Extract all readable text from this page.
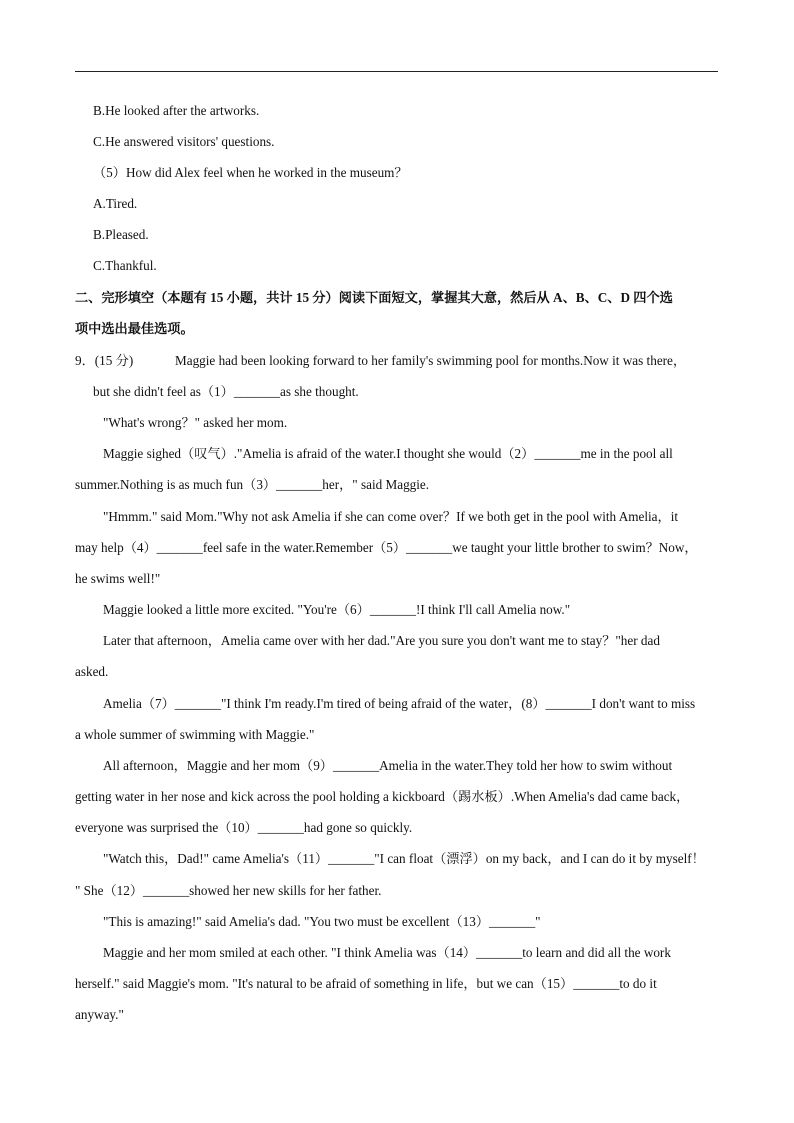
B.He looked after the artworks.
C.He answered visitors' questions.
（5）How did Alex feel when he worked in the museum？
A.Tired.
B.Pleased.
C.Thankful.
二、完形填空（本题有 15 小题，共计 15 分）阅读下面短文，掌握其大意，然后从 A、B、C、D 四个选
项中选出最佳选项。
9．(15 分)	Maggie had been looking forward to her family's swimming pool for months.Now it was there，
but she didn't feel as（1）_______as she thought.
"What's wrong？" asked her mom.
Maggie sighed（叹气）."Amelia is afraid of the water.I thought she would（2）_______me in the pool all
summer.Nothing is as much fun（3）_______her，" said Maggie.
"Hmmm." said Mom."Why not ask Amelia if she can come over？If we both get in the pool with Amelia，it
may help（4）_______feel safe in the water.Remember（5）_______we taught your little brother to swim？Now，
he swims well!"
Maggie looked a little more excited. "You're（6）_______!I think I'll call Amelia now."
Later that afternoon，Amelia came over with her dad."Are you sure you don't want me to stay？"her dad
asked.
Amelia（7）_______"I think I'm ready.I'm tired of being afraid of the water，(8）_______I don't want to miss
a whole summer of swimming with Maggie."
All afternoon，Maggie and her mom（9）_______Amelia in the water.They told her how to swim without
getting water in her nose and kick across the pool holding a kickboard（踢水板）.When Amelia's dad came back，
everyone was surprised the（10）_______had gone so quickly.
"Watch this，Dad!" came Amelia's（11）_______"I can float（漂浮）on my back，and I can do it by myself！
" She（12）_______showed her new skills for her father.
"This is amazing!" said Amelia's dad. "You two must be excellent（13）_______"
Maggie and her mom smiled at each other. "I think Amelia was（14）_______to learn and did all the work
herself." said Maggie's mom. "It's natural to be afraid of something in life，but we can（15）_______to do it
anyway."
